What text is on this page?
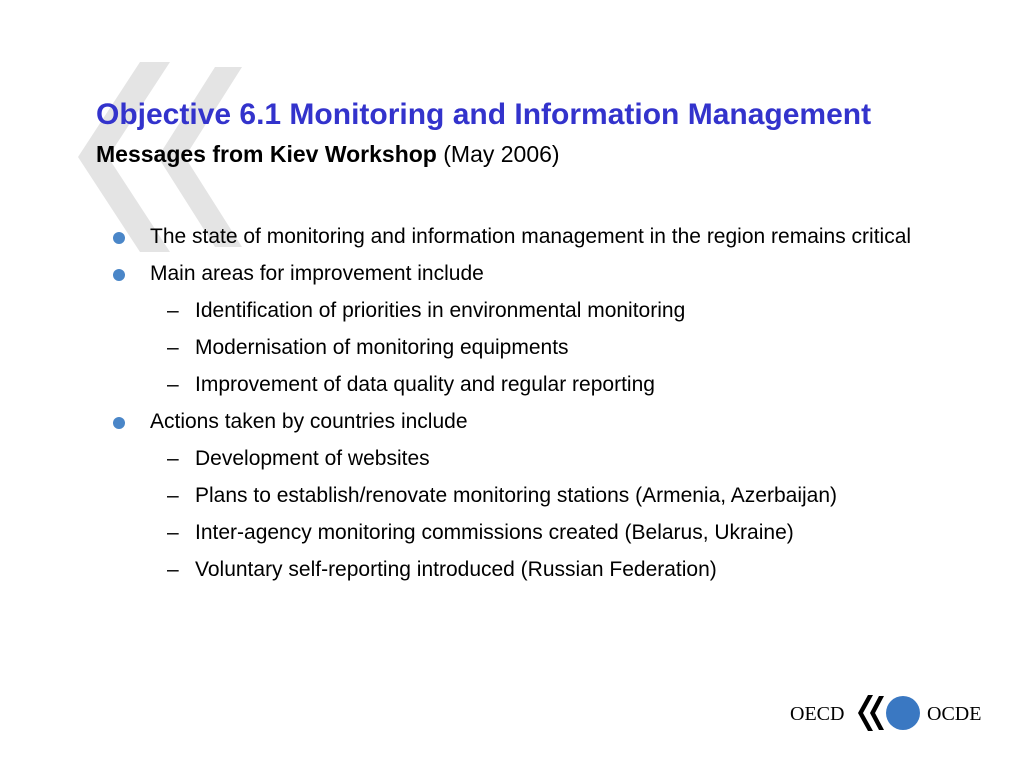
Objective 6.1 Monitoring and Information Management
Messages from Kiev Workshop (May 2006)
The state of monitoring and information management in the region remains critical
Main areas for improvement include
– Identification of priorities in environmental monitoring
– Modernisation of monitoring equipments
– Improvement of data quality and regular reporting
Actions taken by countries include
– Development of websites
– Plans to establish/renovate monitoring stations (Armenia, Azerbaijan)
– Inter-agency monitoring commissions created (Belarus, Ukraine)
– Voluntary self-reporting introduced (Russian Federation)
OECD	OCDE
